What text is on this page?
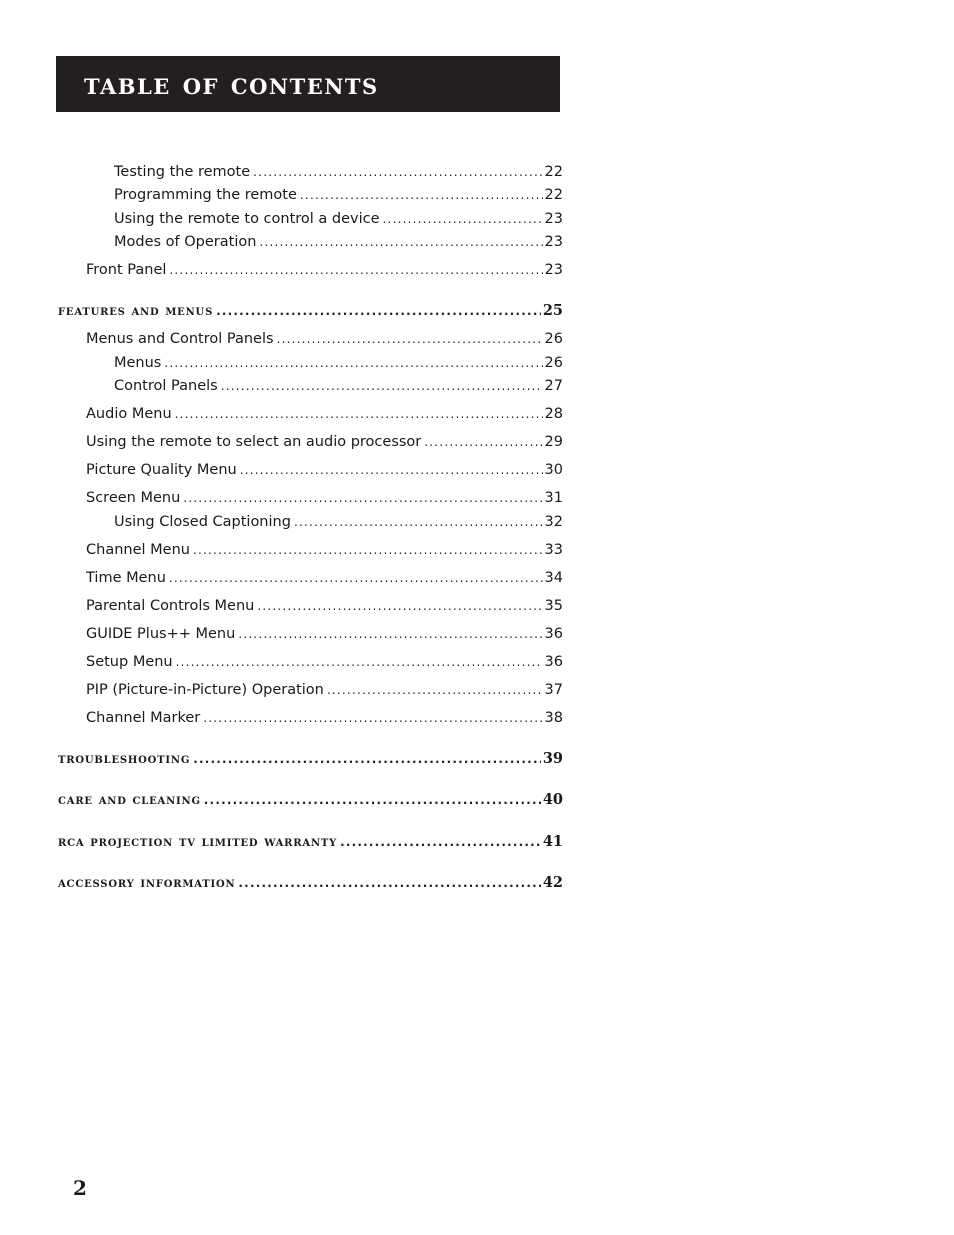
table of contents
Testing the remote .....	22
Programming the remote .....	22
Using the remote to control a device .....	23
Modes of Operation .....	23
Front Panel .....	23
features and menus .....	25
Menus and Control Panels .....	26
Menus .....	26
Control Panels .....	27
Audio Menu .....	28
Using the remote to select an audio processor .....	29
Picture Quality Menu .....	30
Screen Menu .....	31
Using Closed Captioning .....	32
Channel Menu .....	33
Time Menu .....	34
Parental Controls Menu .....	35
GUIDE Plus++ Menu .....	36
Setup Menu .....	36
PIP (Picture-in-Picture) Operation .....	37
Channel Marker .....	38
troubleshooting .....	39
care and cleaning .....	40
rca projection tv limited warranty .....	41
accessory information .....	42
2
